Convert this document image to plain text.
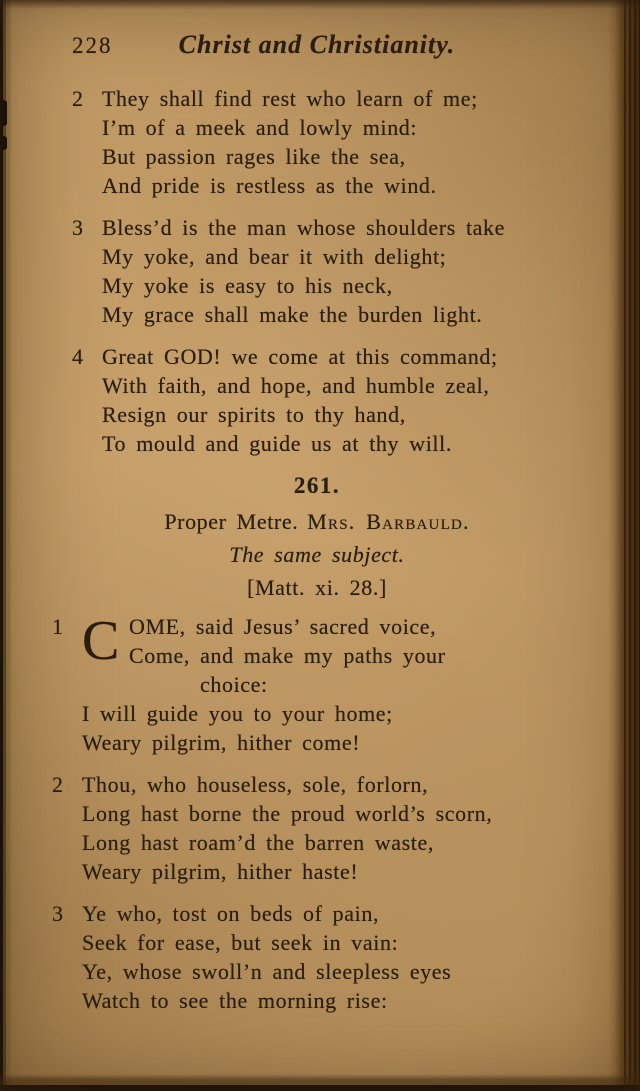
228	Christ and Christianity.
2 They shall find rest who learn of me;
I’m of a meek and lowly mind:
But passion rages like the sea,
And pride is restless as the wind.
3 Bless’d is the man whose shoulders take
My yoke, and bear it with delight;
My yoke is easy to his neck,
My grace shall make the burden light.
4 Great GOD! we come at this command;
With faith, and hope, and humble zeal,
Resign our spirits to thy hand,
To mould and guide us at thy will.
261.
Proper Metre. Mrs. Barbauld.
The same subject.
[Matt. xi. 28.]
1 C OME, said Jesus’ sacred voice,
Come, and make my paths your
choice:
I will guide you to your home;
Weary pilgrim, hither come!
2 Thou, who houseless, sole, forlorn,
Long hast borne the proud world’s scorn,
Long hast roam’d the barren waste,
Weary pilgrim, hither haste!
3 Ye who, tost on beds of pain,
Seek for ease, but seek in vain:
Ye, whose swoll’n and sleepless eyes
Watch to see the morning rise:
